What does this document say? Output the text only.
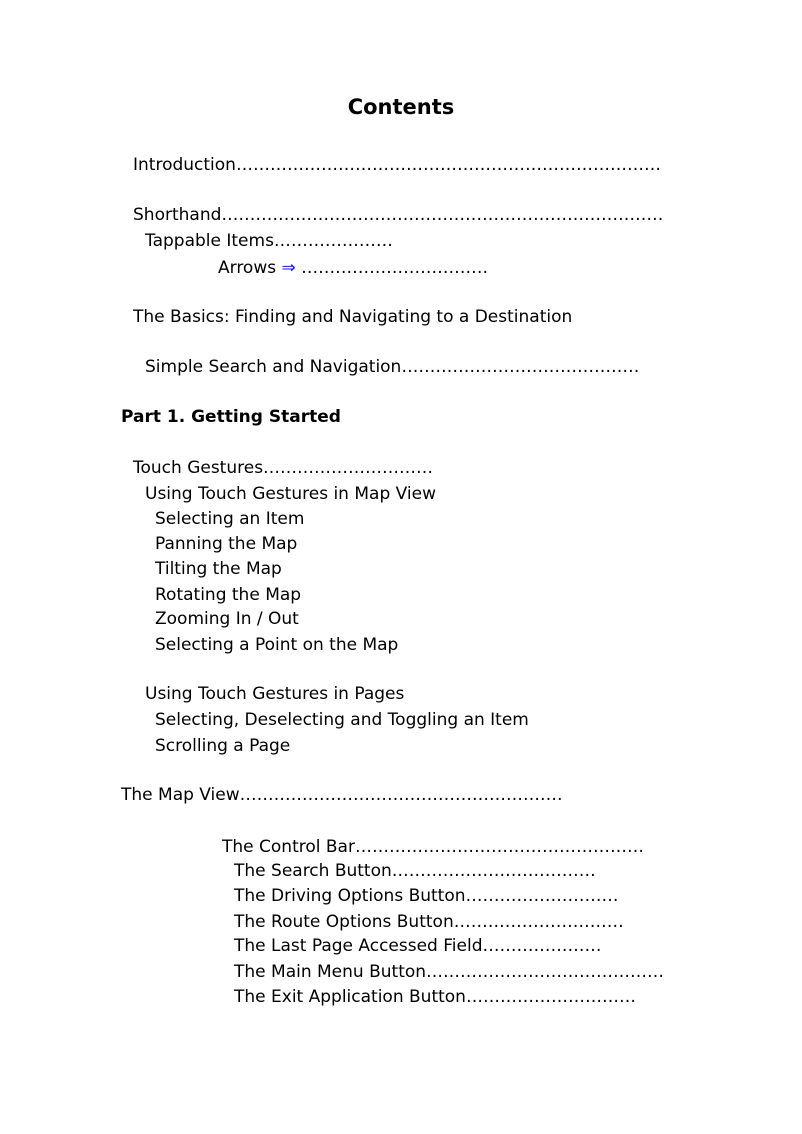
Contents
Introduction…………………………………………………………………
Shorthand……………………………………………………………………
Tappable Items…………………
Arrows ⇒ ……………………………
The Basics: Finding and Navigating to a Destination
Simple Search and Navigation……………………………………
Part 1. Getting Started
Touch Gestures…………………………
Using Touch Gestures in Map View
Selecting an Item
Panning the Map
Tilting the Map
Rotating the Map
Zooming In / Out
Selecting a Point on the Map
Using Touch Gestures in Pages
Selecting, Deselecting and Toggling an Item
Scrolling a Page
The Map View…………………………………………………
The Control Bar……………………………………………
The Search Button………………………………
The Driving Options Button………………………
The Route Options Button…………………………
The Last Page Accessed Field…………………
The Main Menu Button……………………………………
The Exit Application Button…………………………
